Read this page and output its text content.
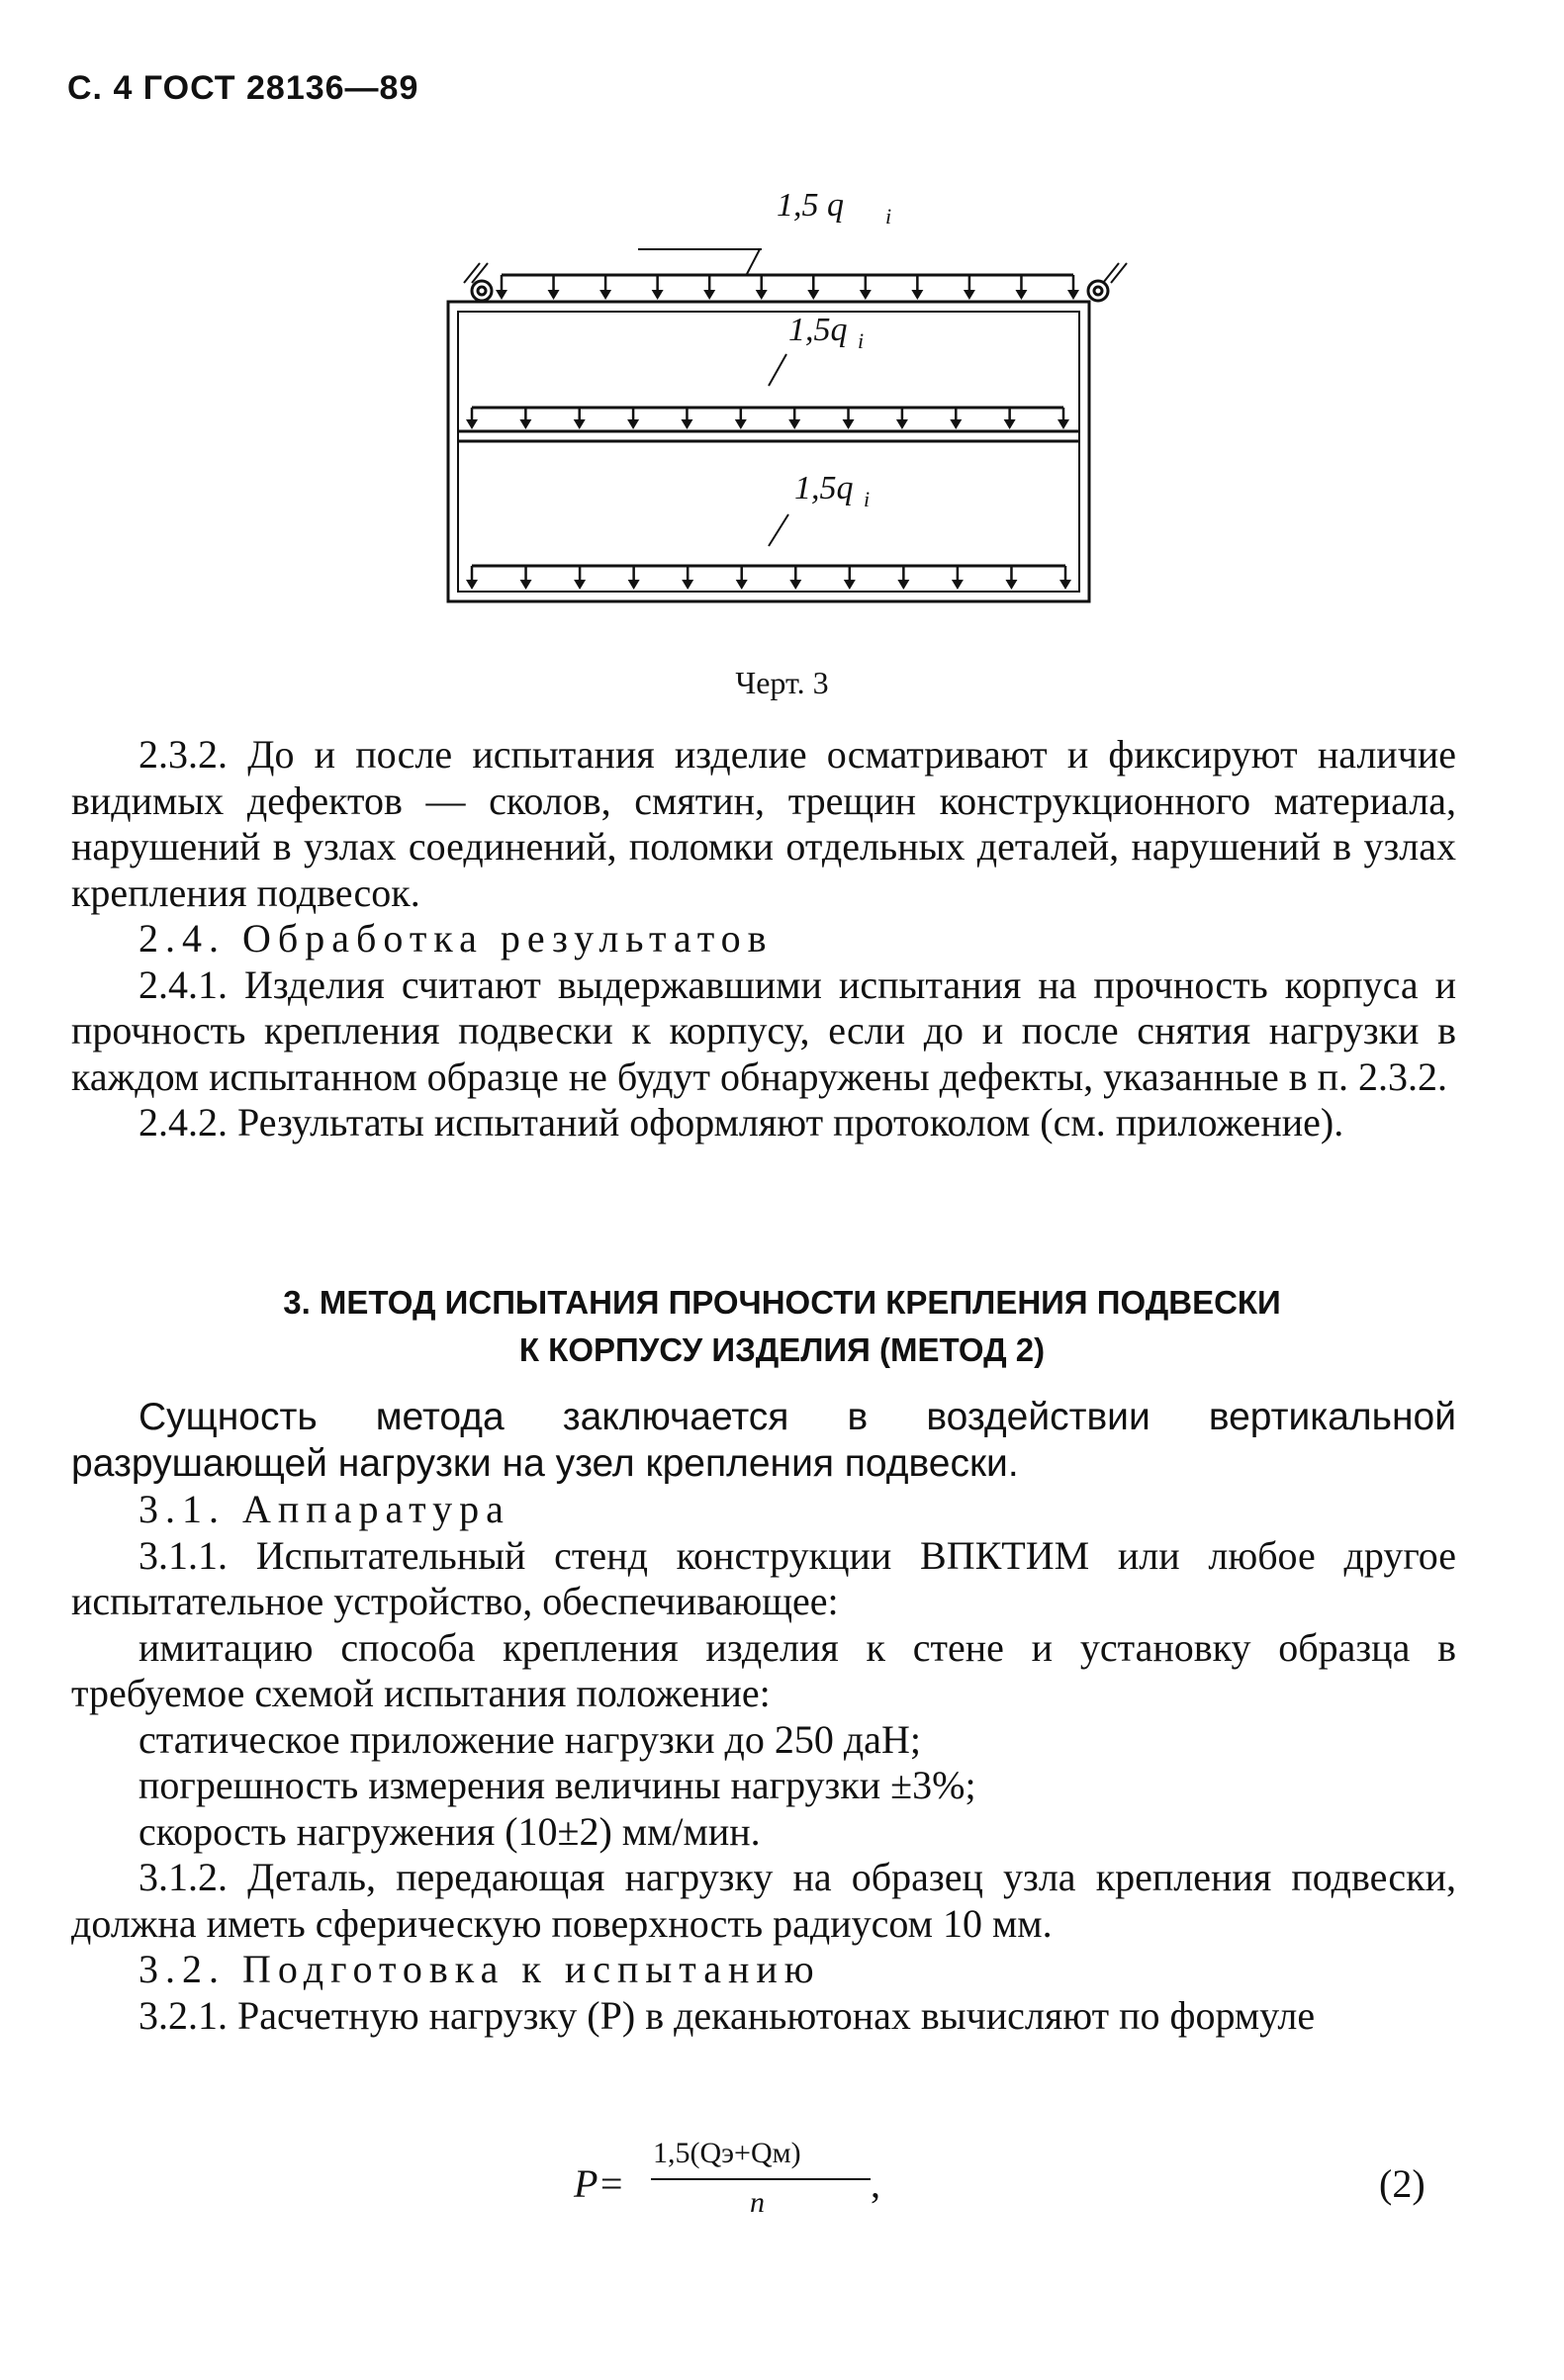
С. 4 ГОСТ 28136—89
1,5 q i
1,5q i
1,5q i
Черт. 3

2.3.2. До и после испытания изделие осматривают и фиксируют наличие видимых дефектов — сколов, смятин, трещин конструкционного материала, нарушений в узлах соединений, поломки отдельных деталей, нарушений в узлах крепления подвесок.

2.4. Обработка результатов

2.4.1. Изделия считают выдержавшими испытания на прочность корпуса и прочность крепления подвески к корпусу, если до и после снятия нагрузки в каждом испытанном образце не будут обнаружены дефекты, указанные в п. 2.3.2.

2.4.2. Результаты испытаний оформляют протоколом (см. приложение).

3. МЕТОД ИСПЫТАНИЯ ПРОЧНОСТИ КРЕПЛЕНИЯ ПОДВЕСКИ
К КОРПУСУ ИЗДЕЛИЯ (МЕТОД 2)

Сущность метода заключается в воздействии вертикальной разрушающей нагрузки на узел крепления подвески.

3.1. Аппаратура

3.1.1. Испытательный стенд конструкции ВПКТИМ или любое другое испытательное устройство, обеспечивающее:

имитацию способа крепления изделия к стене и установку образца в требуемое схемой испытания положение:

статическое приложение нагрузки до 250 даН;

погрешность измерения величины нагрузки ±3%;

скорость нагружения (10±2) мм/мин.

3.1.2. Деталь, передающая нагрузку на образец узла крепления подвески, должна иметь сферическую поверхность радиусом 10 мм.

3.2. Подготовка к испытанию

3.2.1. Расчетную нагрузку (P) в деканьютонах вычисляют по формуле

P=
1,5(Qэ+Qм)
n	,	(2)
